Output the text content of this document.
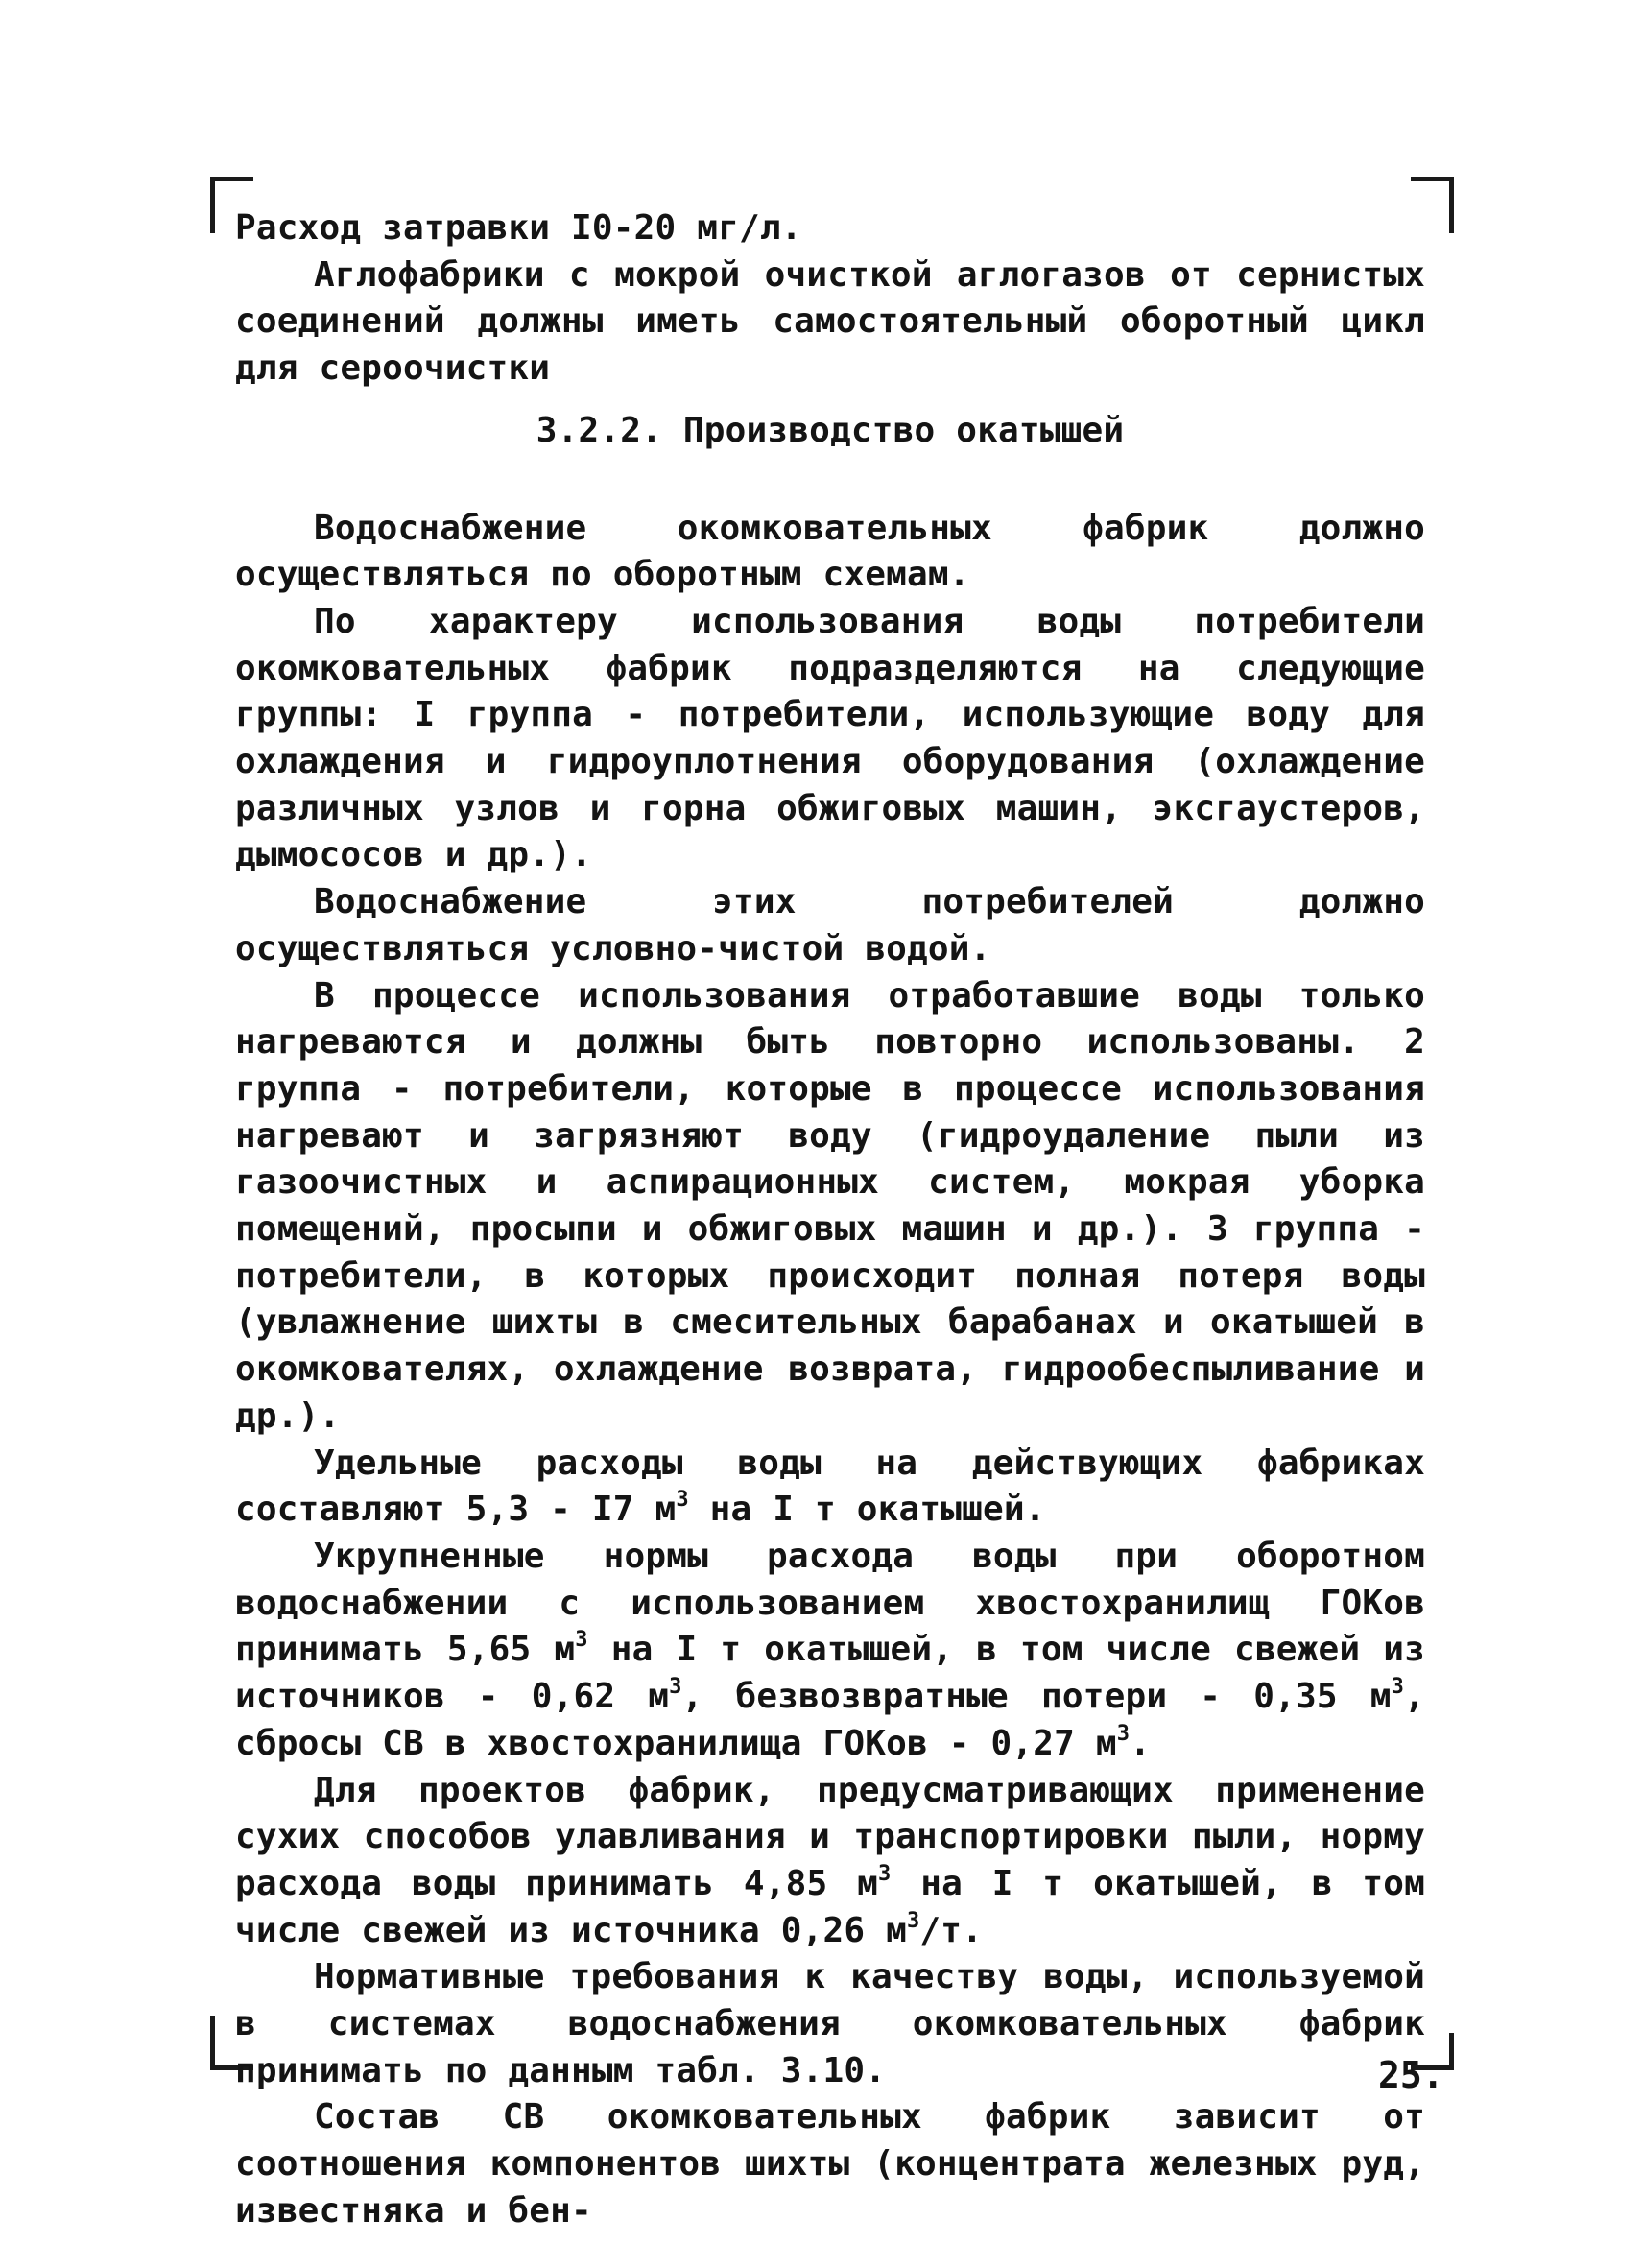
Расход затравки I0-20 мг/л.

Аглофабрики с мокрой очисткой аглогазов от сернистых соединений должны иметь самостоятельный оборотный цикл для сероочистки

3.2.2. Производство окатышей

Водоснабжение окомковательных фабрик должно осуществляться по оборотным схемам.

По характеру использования воды потребители окомковательных фабрик подразделяются на следующие группы: I группа - потребители, использующие воду для охлаждения и гидроуплотнения оборудования (охлаждение различных узлов и горна обжиговых машин, эксгаустеров, дымососов и др.).

Водоснабжение этих потребителей должно осуществляться условно-чистой водой.

В процессе использования отработавшие воды только нагреваются и должны быть повторно использованы. 2 группа - потребители, которые в процессе использования нагревают и загрязняют воду (гидроудаление пыли из газоочистных и аспирационных систем, мокрая уборка помещений, просыпи и обжиговых машин и др.). 3 группа - потребители, в которых происходит полная потеря воды (увлажнение шихты в смесительных барабанах и окатышей в окомкователях, охлаждение возврата, гидрообеспыливание и др.).

Удельные расходы воды на действующих фабриках составляют 5,3 - I7 $м^3$ на I т окатышей.

Укрупненные нормы расхода воды при оборотном водоснабжении с использованием хвостохранилищ ГОКов принимать 5,65 $м^3$ на I т окатышей, в том числе свежей из источников - 0,62 $м^3$, безвозвратные потери - 0,35 $м^3$, сбросы СВ в хвостохранилища ГОКов - 0,27 $м^3$.

Для проектов фабрик, предусматривающих применение сухих способов улавливания и транспортировки пыли, норму расхода воды принимать 4,85 $м^3$ на I т окатышей, в том числе свежей из источника 0,26 $м^3/т$.

Нормативные требования к качеству воды, используемой в системах водоснабжения окомковательных фабрик принимать по данным табл. 3.10.

Состав СВ окомковательных фабрик зависит от соотношения компонентов шихты (концентрата железных руд, известняка и бен-

25.
